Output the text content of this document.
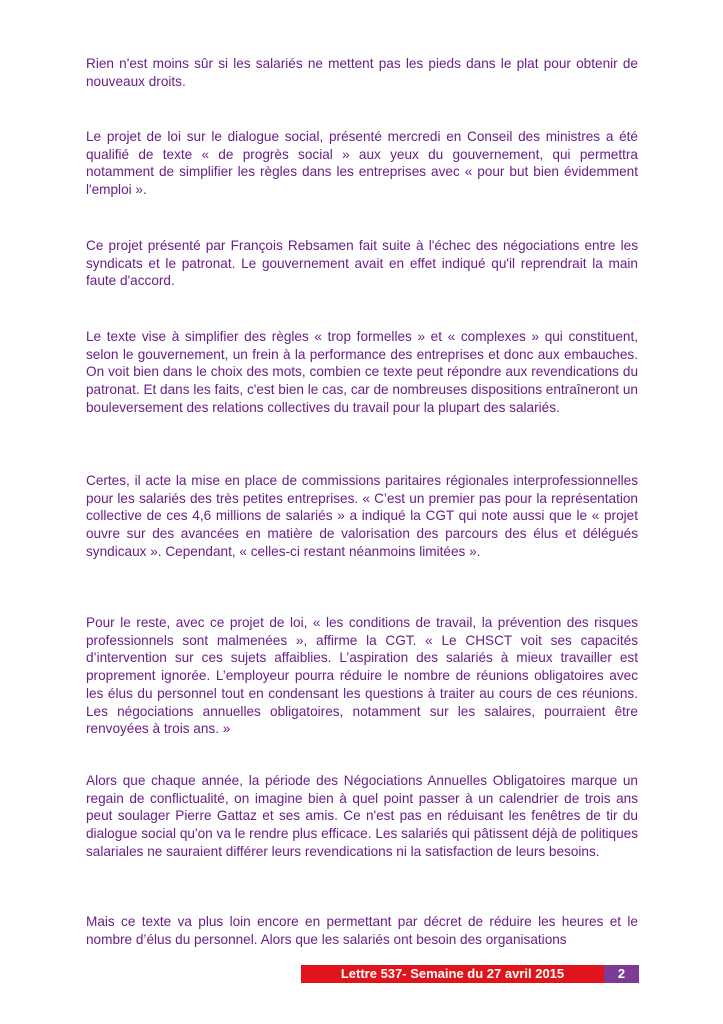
Rien n'est moins sûr si les salariés ne mettent pas les pieds dans le plat pour obtenir de nouveaux droits.

Le projet de loi sur le dialogue social, présenté mercredi en Conseil des ministres a été qualifié de texte « de progrès social » aux yeux du gouvernement, qui permettra notamment de simplifier les règles dans les entreprises avec « pour but bien évidemment l'emploi ».

Ce projet présenté par François Rebsamen fait suite à l'échec des négociations entre les syndicats et le patronat. Le gouvernement avait en effet indiqué qu'il reprendrait la main faute d'accord.

Le texte vise à simplifier des règles « trop formelles » et « complexes » qui constituent, selon le gouvernement, un frein à la performance des entreprises et donc aux embauches. On voit bien dans le choix des mots, combien ce texte peut répondre aux revendications du patronat. Et dans les faits, c'est bien le cas, car de nombreuses dispositions entraîneront un bouleversement des relations collectives du travail pour la plupart des salariés.

Certes, il acte la mise en place de commissions paritaires régionales interprofessionnelles pour les salariés des très petites entreprises. « C’est un premier pas pour la représentation collective de ces 4,6 millions de salariés » a indiqué la CGT qui note aussi que le « projet ouvre sur des avancées en matière de valorisation des parcours des élus et délégués syndicaux ». Cependant, « celles-ci restant néanmoins limitées ».

Pour le reste, avec ce projet de loi, « les conditions de travail, la prévention des risques professionnels sont malmenées », affirme la CGT. « Le CHSCT voit ses capacités d’intervention sur ces sujets affaiblies. L’aspiration des salariés à mieux travailler est proprement ignorée. L’employeur pourra réduire le nombre de réunions obligatoires avec les élus du personnel tout en condensant les questions à traiter au cours de ces réunions. Les négociations annuelles obligatoires, notamment sur les salaires, pourraient être renvoyées à trois ans. »

Alors que chaque année, la période des Négociations Annuelles Obligatoires marque un regain de conflictualité, on imagine bien à quel point passer à un calendrier de trois ans peut soulager Pierre Gattaz et ses amis. Ce n'est pas en réduisant les fenêtres de tir du dialogue social qu'on va le rendre plus efficace. Les salariés qui pâtissent déjà de politiques salariales ne sauraient différer leurs revendications ni la satisfaction de leurs besoins.

Mais ce texte va plus loin encore en permettant par décret de réduire les heures et le nombre d’élus du personnel. Alors que les salariés ont besoin des organisations

Lettre 537- Semaine du 27 avril 2015	2
